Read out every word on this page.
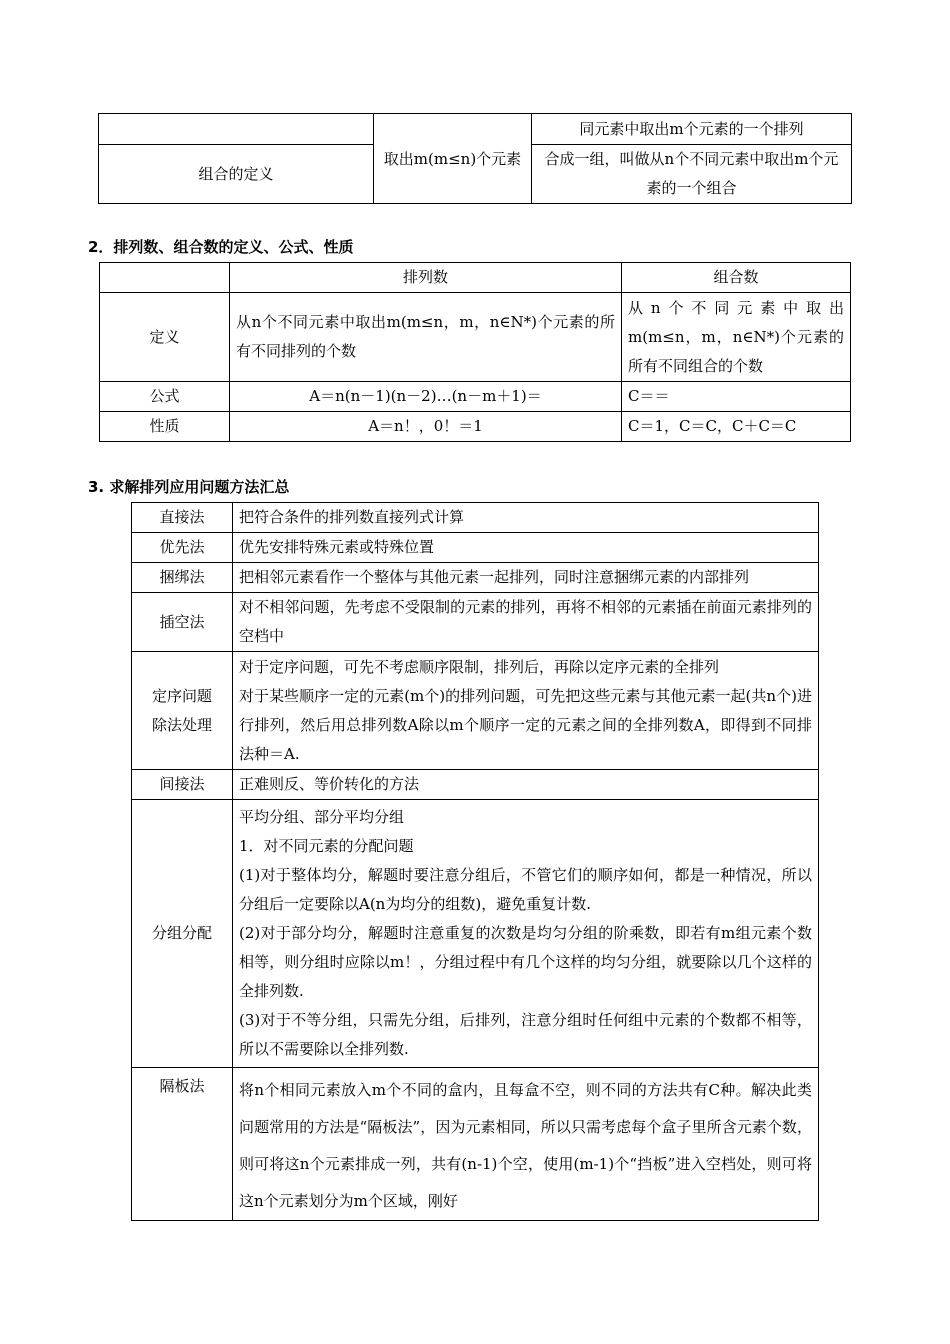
	取出m(m≤n)个元素	同元素中取出m个元素的一个排列
组合的定义		合成一组，叫做从n个不同元素中取出m个元素的一个组合
2．排列数、组合数的定义、公式、性质
	排列数	组合数
定义	从n个不同元素中取出m(m≤n，m，n∈N*)个元素的所有不同排列的个数	从n个不同元素中取出m(m≤n，m，n∈N*)个元素的所有不同组合的个数
公式	A＝n(n－1)(n－2)…(n－m＋1)＝	C＝＝
性质	A＝n！，0！＝1	C＝1，C＝C，C＋C＝C
3. 求解排列应用问题方法汇总
直接法	把符合条件的排列数直接列式计算
优先法	优先安排特殊元素或特殊位置
捆绑法	把相邻元素看作一个整体与其他元素一起排列，同时注意捆绑元素的内部排列
插空法	对不相邻问题，先考虑不受限制的元素的排列，再将不相邻的元素插在前面元素排列的空档中
定序问题除法处理	对于定序问题，可先不考虑顺序限制，排列后，再除以定序元素的全排列
对于某些顺序一定的元素(m个)的排列问题，可先把这些元素与其他元素一起(共n个)进行排列，然后用总排列数A除以m个顺序一定的元素之间的全排列数A，即得到不同排法种＝A.

间接法	正难则反、等价转化的方法
分组分配	平均分组、部分平均分组
1．对不同元素的分配问题
(1)对于整体均分，解题时要注意分组后，不管它们的顺序如何，都是一种情况，所以分组后一定要除以A(n为均分的组数)，避免重复计数.
(2)对于部分均分，解题时注意重复的次数是均匀分组的阶乘数，即若有m组元素个数相等，则分组时应除以m！，分组过程中有几个这样的均匀分组，就要除以几个这样的全排列数.
(3)对于不等分组，只需先分组，后排列，注意分组时任何组中元素的个数都不相等，所以不需要除以全排列数.

隔板法	将n个相同元素放入m个不同的盒内，且每盒不空，则不同的方法共有C种。解决此类问题常用的方法是“隔板法”，因为元素相同，所以只需考虑每个盒子里所含元素个数，则可将这n个元素排成一列，共有(n-1)个空，使用(m-1)个“挡板”进入空档处，则可将这n个元素划分为m个区域，刚好
